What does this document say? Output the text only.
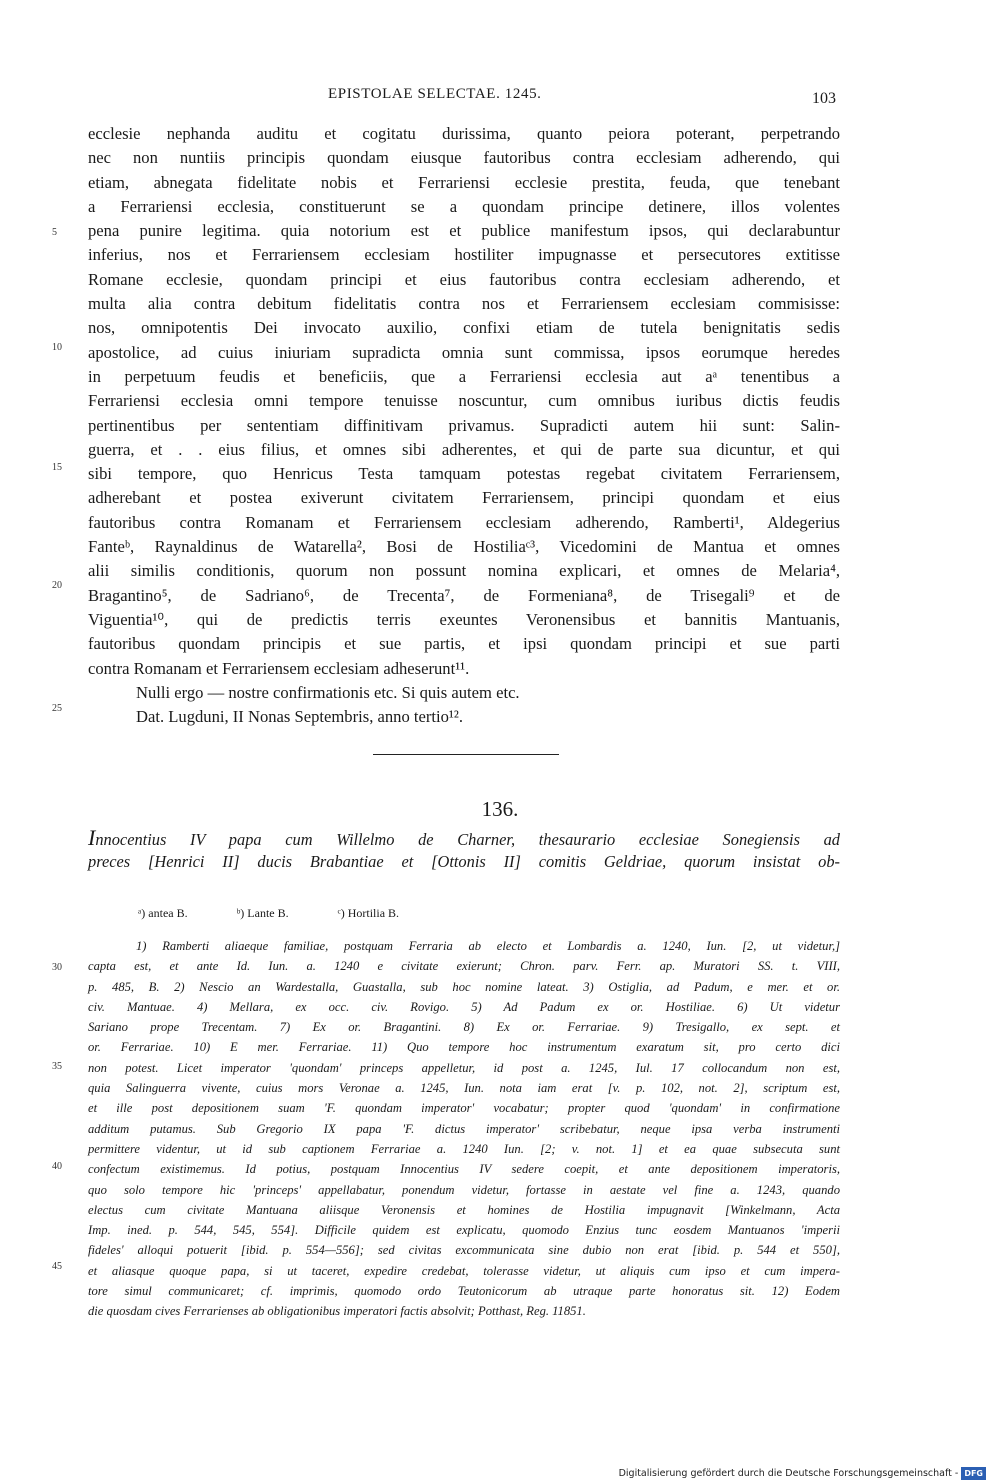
EPISTOLAE SELECTAE. 1245.	103
5
10
15
20
25
ecclesie nephanda auditu et cogitatu durissima, quanto peiora poterant, perpetrando
nec non nuntiis principis quondam eiusque fautoribus contra ecclesiam adherendo, qui
etiam, abnegata fidelitate nobis et Ferrariensi ecclesie prestita, feuda, que tenebant
a Ferrariensi ecclesia, constituerunt se a quondam principe detinere, illos volentes
pena punire legitima. quia notorium est et publice manifestum ipsos, qui declarabuntur
inferius, nos et Ferrariensem ecclesiam hostiliter impugnasse et persecutores extitisse
Romane ecclesie, quondam principi et eius fautoribus contra ecclesiam adherendo, et
multa alia contra debitum fidelitatis contra nos et Ferrariensem ecclesiam commisisse:
nos, omnipotentis Dei invocato auxilio, confixi etiam de tutela benignitatis sedis
apostolice, ad cuius iniuriam supradicta omnia sunt commissa, ipsos eorumque heredes
in perpetuum feudis et beneficiis, que a Ferrariensi ecclesia aut aᵃ tenentibus a
Ferrariensi ecclesia omni tempore tenuisse noscuntur, cum omnibus iuribus dictis feudis
pertinentibus per sententiam diffinitivam privamus. Supradicti autem hii sunt: Salin-
guerra, et . . eius filius, et omnes sibi adherentes, et qui de parte sua dicuntur, et qui
sibi tempore, quo Henricus Testa tamquam potestas regebat civitatem Ferrariensem,
adherebant et postea exiverunt civitatem Ferrariensem, principi quondam et eius
fautoribus contra Romanam et Ferrariensem ecclesiam adherendo, Ramberti¹, Aldegerius
Fanteᵇ, Raynaldinus de Watarella², Bosi de Hostiliaᶜ³, Vicedomini de Mantua et omnes
alii similis conditionis, quorum non possunt nomina explicari, et omnes de Melaria⁴,
Bragantino⁵, de Sadriano⁶, de Trecenta⁷, de Formeniana⁸, de Trisegali⁹ et de
Viguentia¹⁰, qui de predictis terris exeuntes Veronensibus et bannitis Mantuanis,
fautoribus quondam principis et sue partis, et ipsi quondam principi et sue parti
contra Romanam et Ferrariensem ecclesiam adheserunt¹¹.
Nulli ergo — nostre confirmationis etc. Si quis autem etc.
Dat. Lugduni, II Nonas Septembris, anno tertio¹².
136.
Innocentius IV papa cum Willelmo de Charner, thesaurario ecclesiae Sonegiensis ad
preces [Henrici II] ducis Brabantiae et [Ottonis II] comitis Geldriae, quorum insistat ob-
ᵃ) antea B.	ᵇ) Lante B.	ᶜ) Hortilia B.
30
35
40
45
1) Ramberti aliaeque familiae, postquam Ferraria ab electo et Lombardis a. 1240, Iun. [2, ut videtur,]
capta est, et ante Id. Iun. a. 1240 e civitate exierunt; Chron. parv. Ferr. ap. Muratori SS. t. VIII,
p. 485, B. 2) Nescio an Wardestalla, Guastalla, sub hoc nomine lateat. 3) Ostiglia, ad Padum, e mer. et or.
civ. Mantuae. 4) Mellara, ex occ. civ. Rovigo. 5) Ad Padum ex or. Hostiliae. 6) Ut videtur
Sariano prope Trecentam. 7) Ex or. Bragantini. 8) Ex or. Ferrariae. 9) Tresigallo, ex sept. et
or. Ferrariae. 10) E mer. Ferrariae. 11) Quo tempore hoc instrumentum exaratum sit, pro certo dici
non potest. Licet imperator 'quondam' princeps appelletur, id post a. 1245, Iul. 17 collocandum non est,
quia Salinguerra vivente, cuius mors Veronae a. 1245, Iun. nota iam erat [v. p. 102, not. 2], scriptum est,
et ille post depositionem suam 'F. quondam imperator' vocabatur; propter quod 'quondam' in confirmatione
additum putamus. Sub Gregorio IX papa 'F. dictus imperator' scribebatur, neque ipsa verba instrumenti
permittere videntur, ut id sub captionem Ferrariae a. 1240 Iun. [2; v. not. 1] et ea quae subsecuta sunt
confectum existimemus. Id potius, postquam Innocentius IV sedere coepit, et ante depositionem imperatoris,
quo solo tempore hic 'princeps' appellabatur, ponendum videtur, fortasse in aestate vel fine a. 1243, quando
electus cum civitate Mantuana aliisque Veronensis et homines de Hostilia impugnavit [Winkelmann, Acta
Imp. ined. p. 544, 545, 554]. Difficile quidem est explicatu, quomodo Enzius tunc eosdem Mantuanos 'imperii
fideles' alloqui potuerit [ibid. p. 554—556]; sed civitas excommunicata sine dubio non erat [ibid. p. 544 et 550],
et aliasque quoque papa, si ut taceret, expedire credebat, tolerasse videtur, ut aliquis cum ipso et cum impera-
tore simul communicaret; cf. imprimis, quomodo ordo Teutonicorum ab utraque parte honoratus sit. 12) Eodem
die quosdam cives Ferrarienses ab obligationibus imperatori factis absolvit; Potthast, Reg. 11851.
Digitalisierung gefördert durch die Deutsche Forschungsgemeinschaft - DFG
